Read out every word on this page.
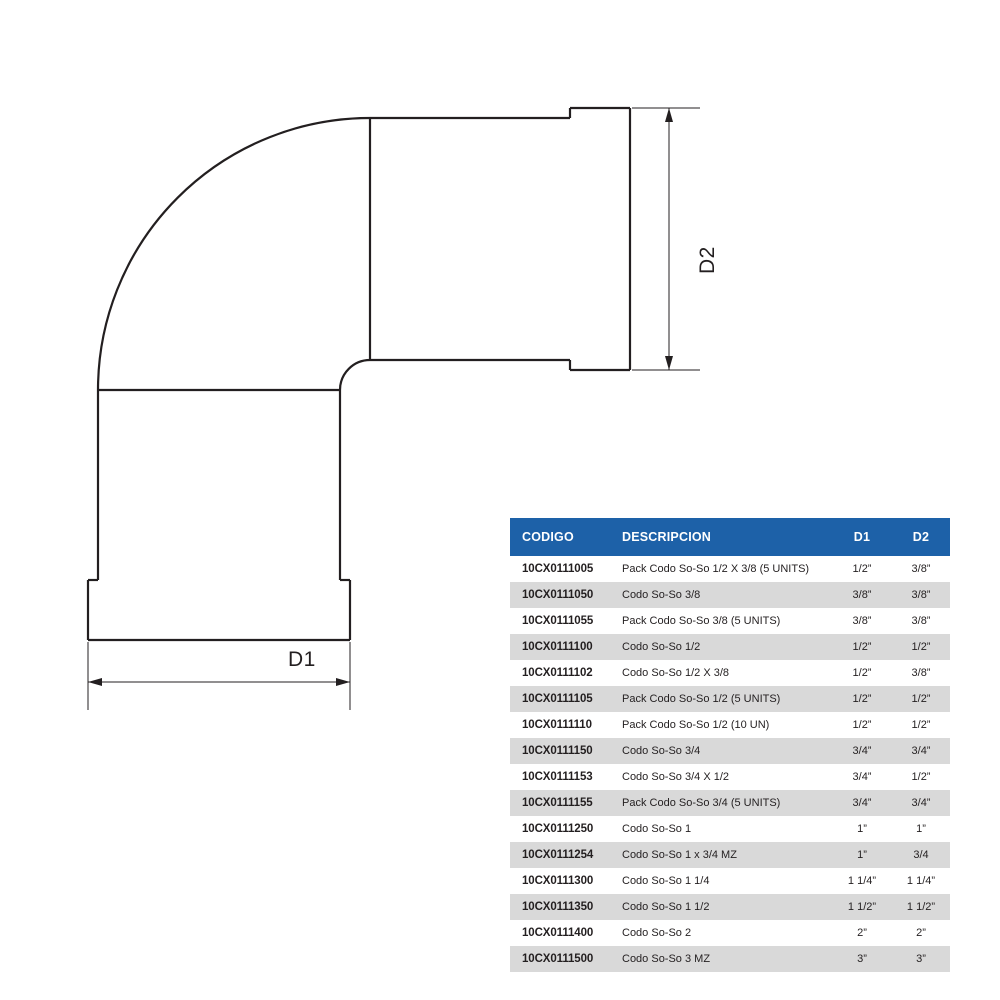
D1
D2
CODIGO	DESCRIPCION	D1	D2
10CX0111005	Pack Codo So-So 1/2 X 3/8 (5 UNITS)	1/2”	3/8”
10CX0111050	Codo So-So 3/8	3/8”	3/8”
10CX0111055	Pack Codo So-So 3/8 (5 UNITS)	3/8”	3/8”
10CX0111100	Codo So-So 1/2	1/2”	1/2”
10CX0111102	Codo So-So 1/2 X 3/8	1/2”	3/8”
10CX0111105	Pack Codo So-So 1/2 (5 UNITS)	1/2”	1/2”
10CX0111110	Pack Codo So-So 1/2 (10 UN)	1/2”	1/2”
10CX0111150	Codo So-So 3/4	3/4”	3/4”
10CX0111153	Codo So-So 3/4 X 1/2	3/4”	1/2”
10CX0111155	Pack Codo So-So 3/4 (5 UNITS)	3/4”	3/4”
10CX0111250	Codo So-So 1	1”	1”
10CX0111254	Codo So-So 1 x 3/4 MZ	1”	3/4
10CX0111300	Codo So-So 1 1/4	1 1/4”	1 1/4”
10CX0111350	Codo So-So 1 1/2	1 1/2”	1 1/2”
10CX0111400	Codo So-So 2	2”	2”
10CX0111500	Codo So-So 3 MZ	3”	3”
